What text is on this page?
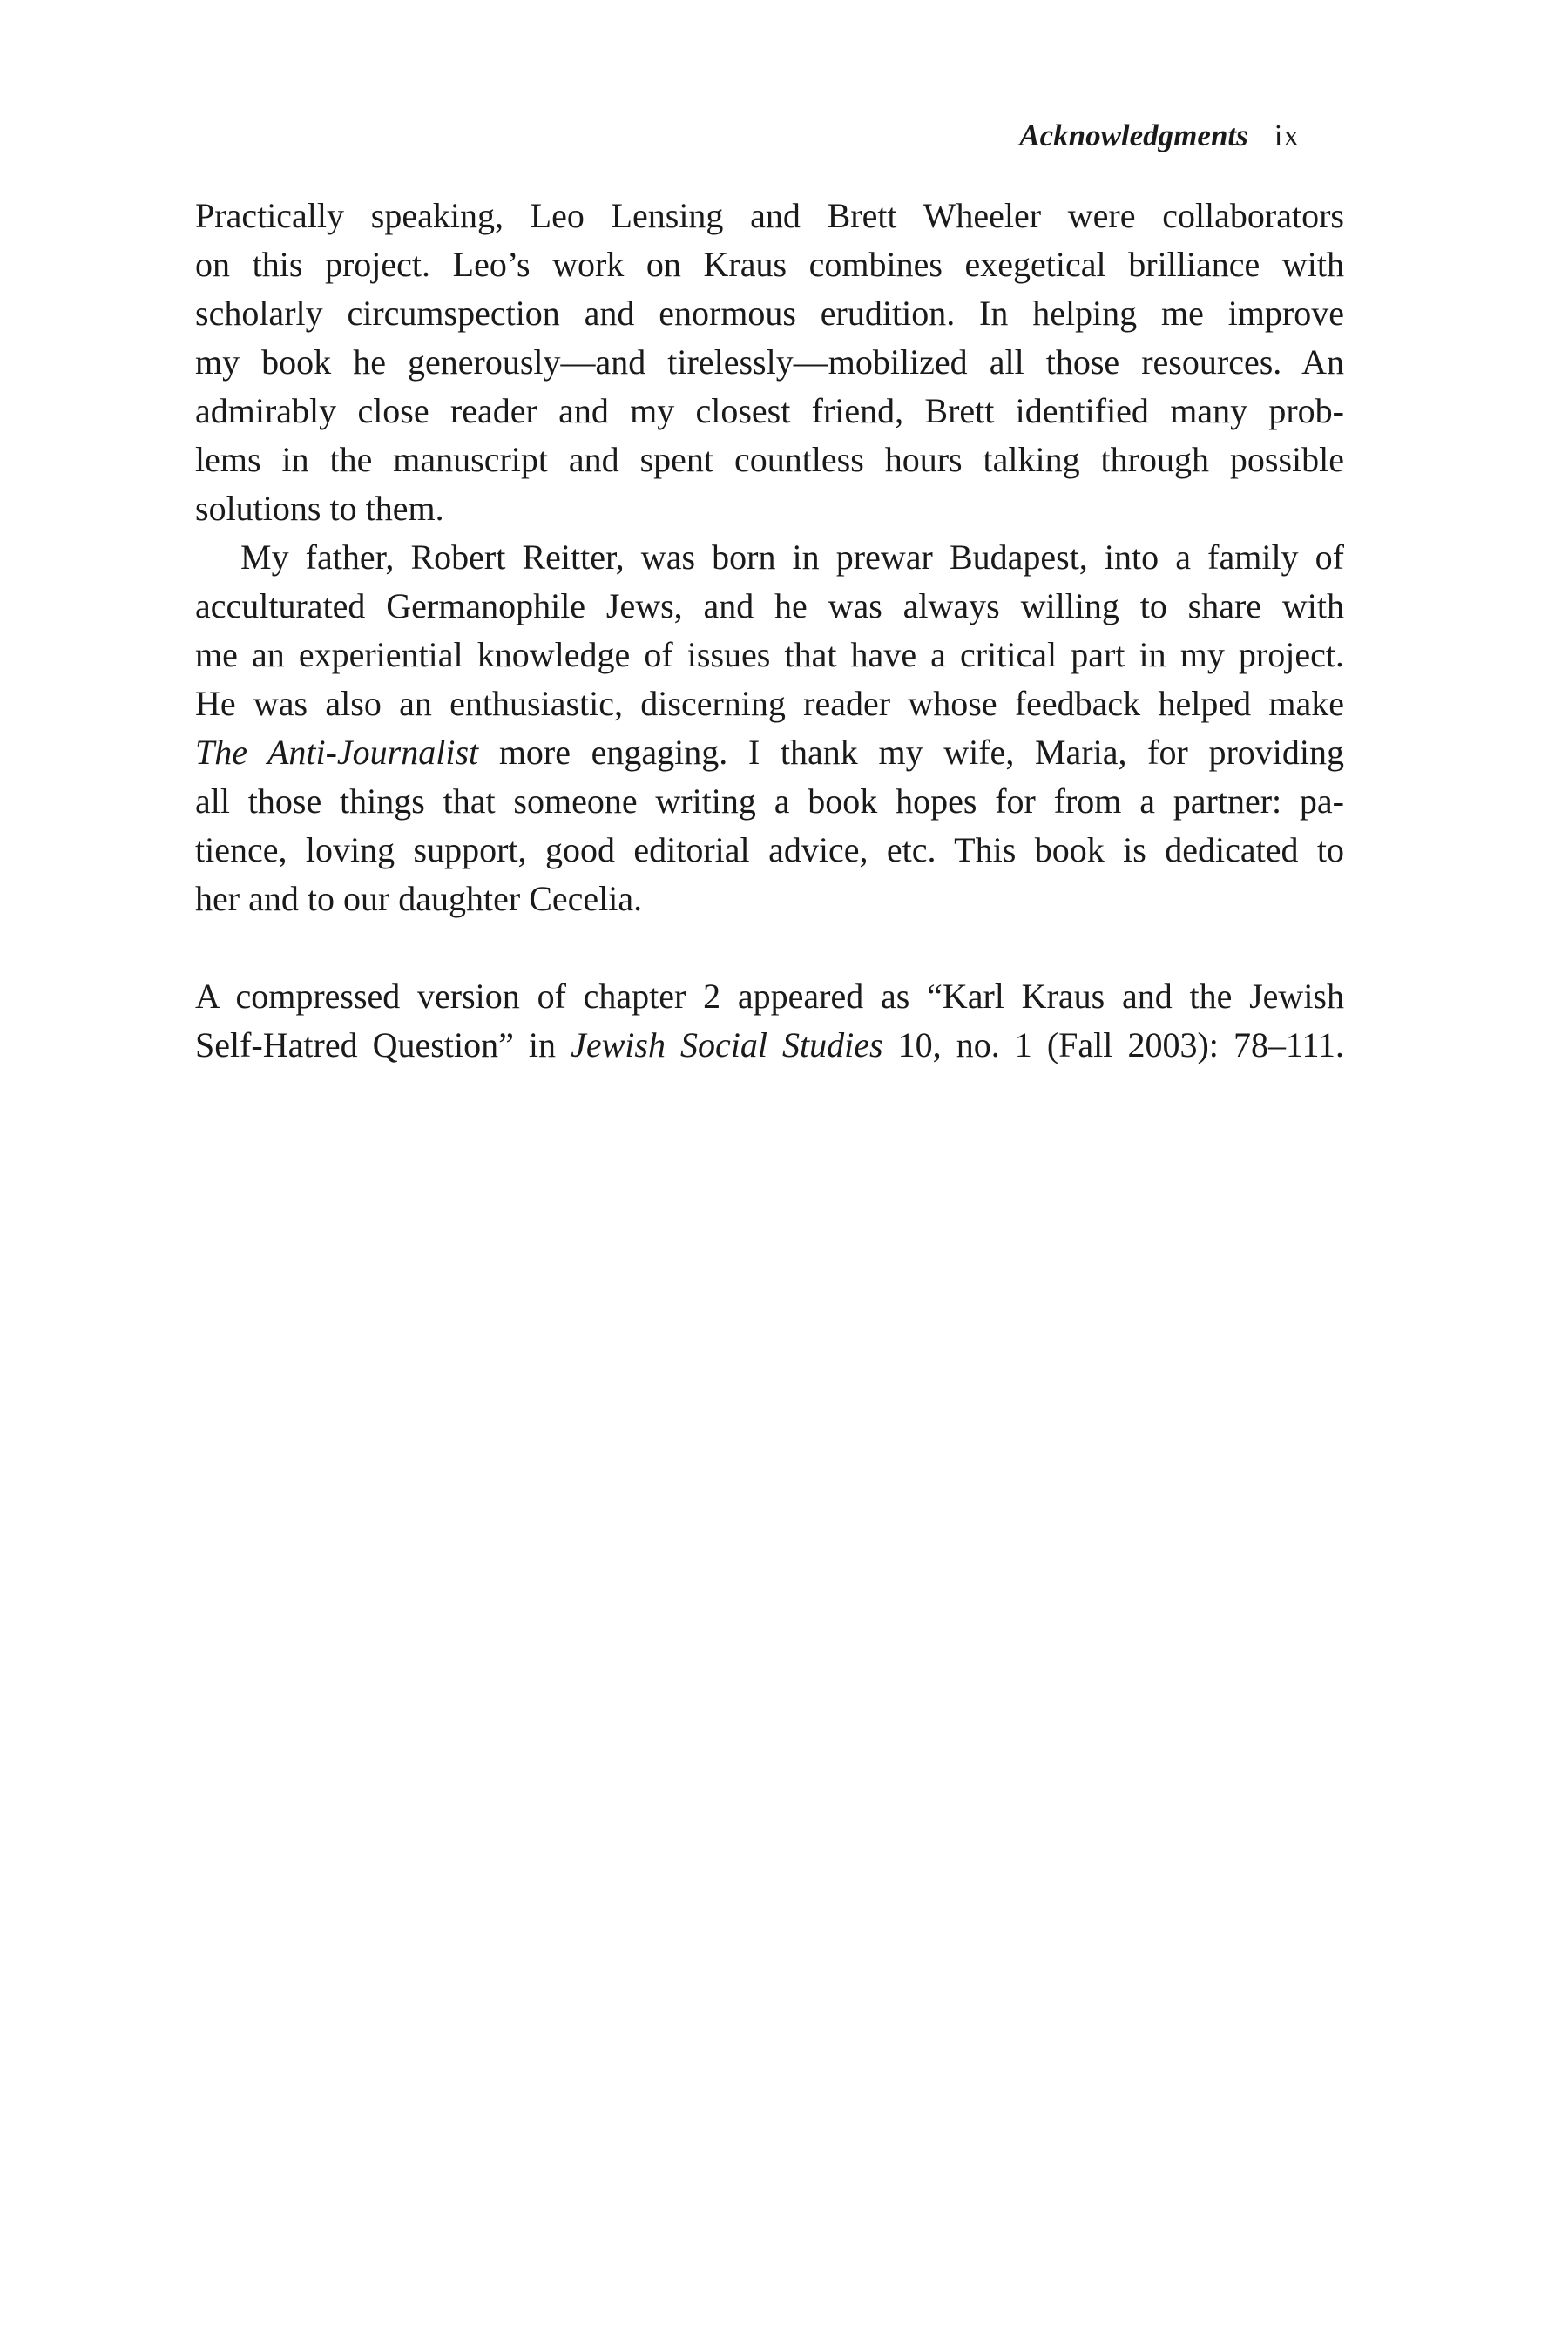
Acknowledgments ix
Practically speaking, Leo Lensing and Brett Wheeler were collaborators
on this project. Leo’s work on Kraus combines exegetical brilliance with
scholarly circumspection and enormous erudition. In helping me improve
my book he generously—and tirelessly—mobilized all those resources. An
admirably close reader and my closest friend, Brett identified many prob-
lems in the manuscript and spent countless hours talking through possible
solutions to them.
My father, Robert Reitter, was born in prewar Budapest, into a family of
acculturated Germanophile Jews, and he was always willing to share with
me an experiential knowledge of issues that have a critical part in my project.
He was also an enthusiastic, discerning reader whose feedback helped make
The Anti-Journalist more engaging. I thank my wife, Maria, for providing
all those things that someone writing a book hopes for from a partner: pa-
tience, loving support, good editorial advice, etc. This book is dedicated to
her and to our daughter Cecelia.
A compressed version of chapter 2 appeared as “Karl Kraus and the Jewish
Self-Hatred Question” in Jewish Social Studies 10, no. 1 (Fall 2003): 78–111.
